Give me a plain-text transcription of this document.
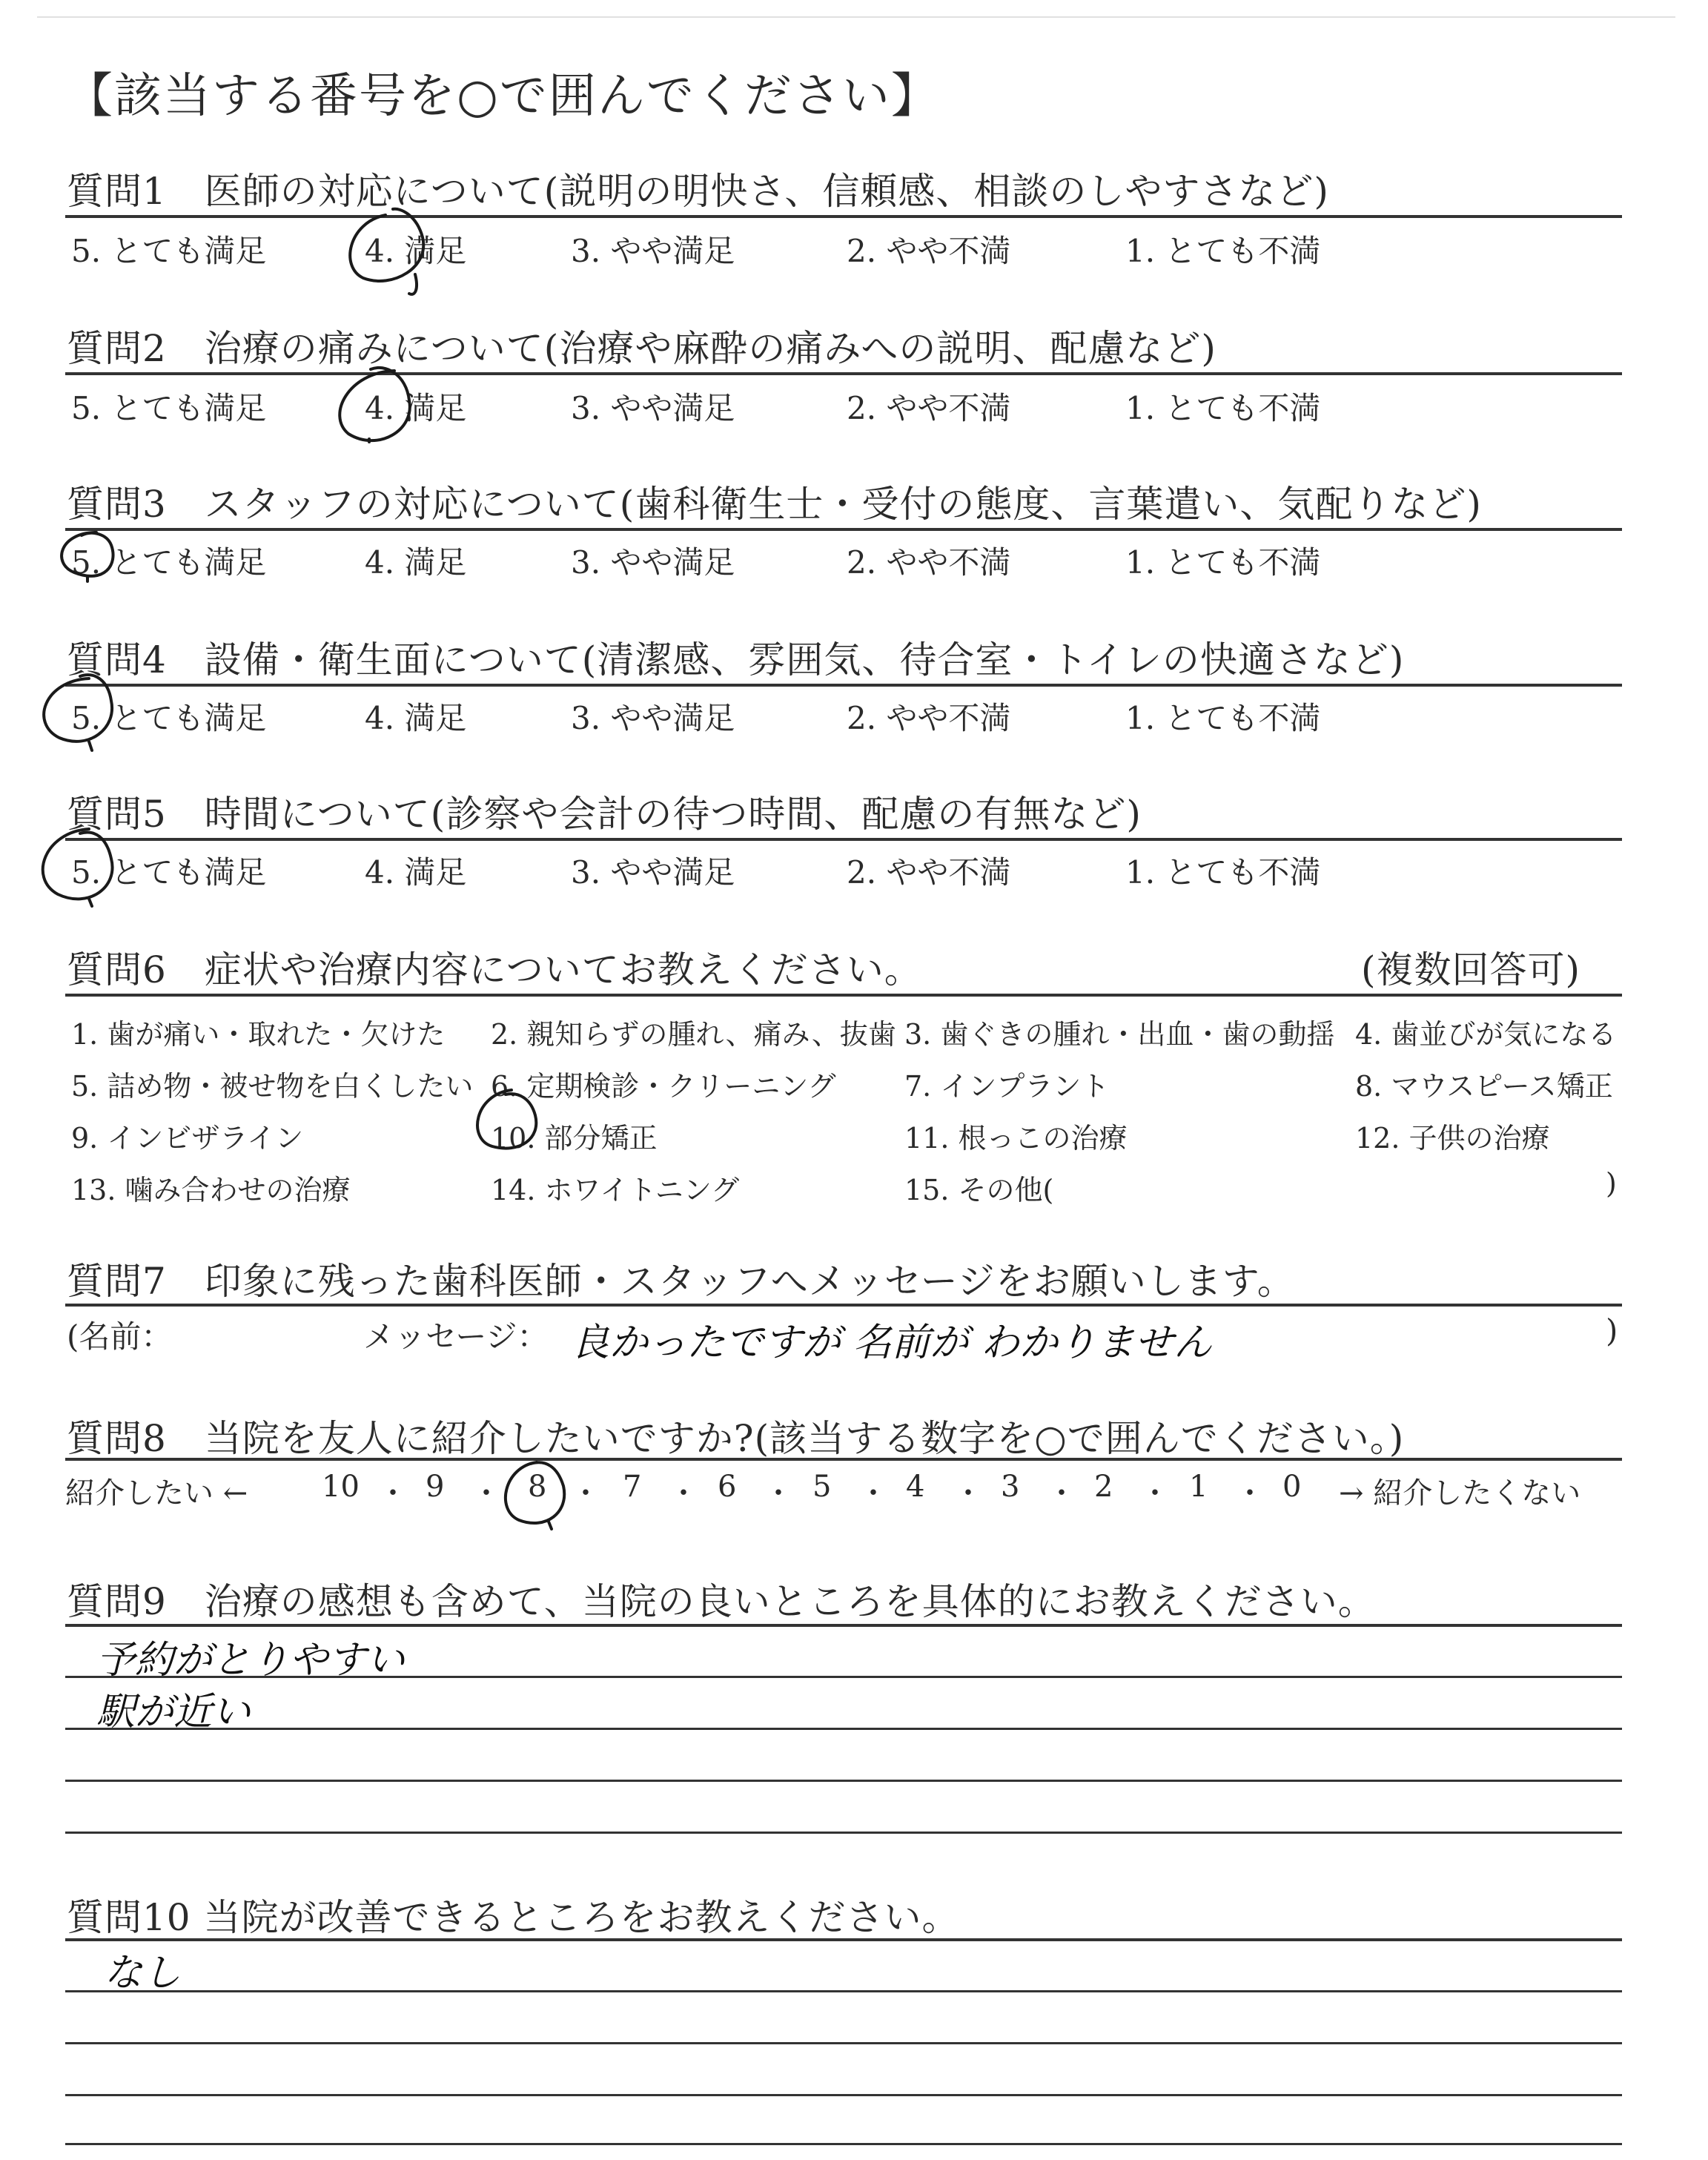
【該当する番号を○で囲んでください】
質問1　医師の対応について(説明の明快さ、信頼感、相談のしやすさなど)
5. とても満足	4. 満足	3. やや満足	2. やや不満	1. とても不満
質問2　治療の痛みについて(治療や麻酔の痛みへの説明、配慮など)
5. とても満足	4. 満足	3. やや満足	2. やや不満	1. とても不満
質問3　スタッフの対応について(歯科衛生士・受付の態度、言葉遣い、気配りなど)
5. とても満足	4. 満足	3. やや満足	2. やや不満	1. とても不満
質問4　設備・衛生面について(清潔感、雰囲気、待合室・トイレの快適さなど)
5. とても満足	4. 満足	3. やや満足	2. やや不満	1. とても不満
質問5　時間について(診察や会計の待つ時間、配慮の有無など)
5. とても満足	4. 満足	3. やや満足	2. やや不満	1. とても不満
質問6　症状や治療内容についてお教えください。	(複数回答可)
1. 歯が痛い・取れた・欠けた 2. 親知らずの腫れ、痛み、抜歯 3. 歯ぐきの腫れ・出血・歯の動揺 4. 歯並びが気になる
5. 詰め物・被せ物を白くしたい 6. 定期検診・クリーニング 7. インプラント	8. マウスピース矯正
9. インビザライン	10. 部分矯正	11. 根っこの治療	12. 子供の治療
13. 噛み合わせの治療	14. ホワイトニング	15. その他(	)
質問7　印象に残った歯科医師・スタッフへメッセージをお願いします。
(名前：	メッセージ： 良かったですが 名前が わかりません	)
質問8　当院を友人に紹介したいですか?(該当する数字を○で囲んでください。)
紹介したい ←	→ 紹介したくない
10 ・ 9 ・ 8 ・ 7 ・ 6 ・ 5 ・ 4 ・ 3 ・ 2 ・ 1 ・ 0
質問9　治療の感想も含めて、当院の良いところを具体的にお教えください。
予約がとりやすい
駅が近い
質問10 当院が改善できるところをお教えください。
なし
